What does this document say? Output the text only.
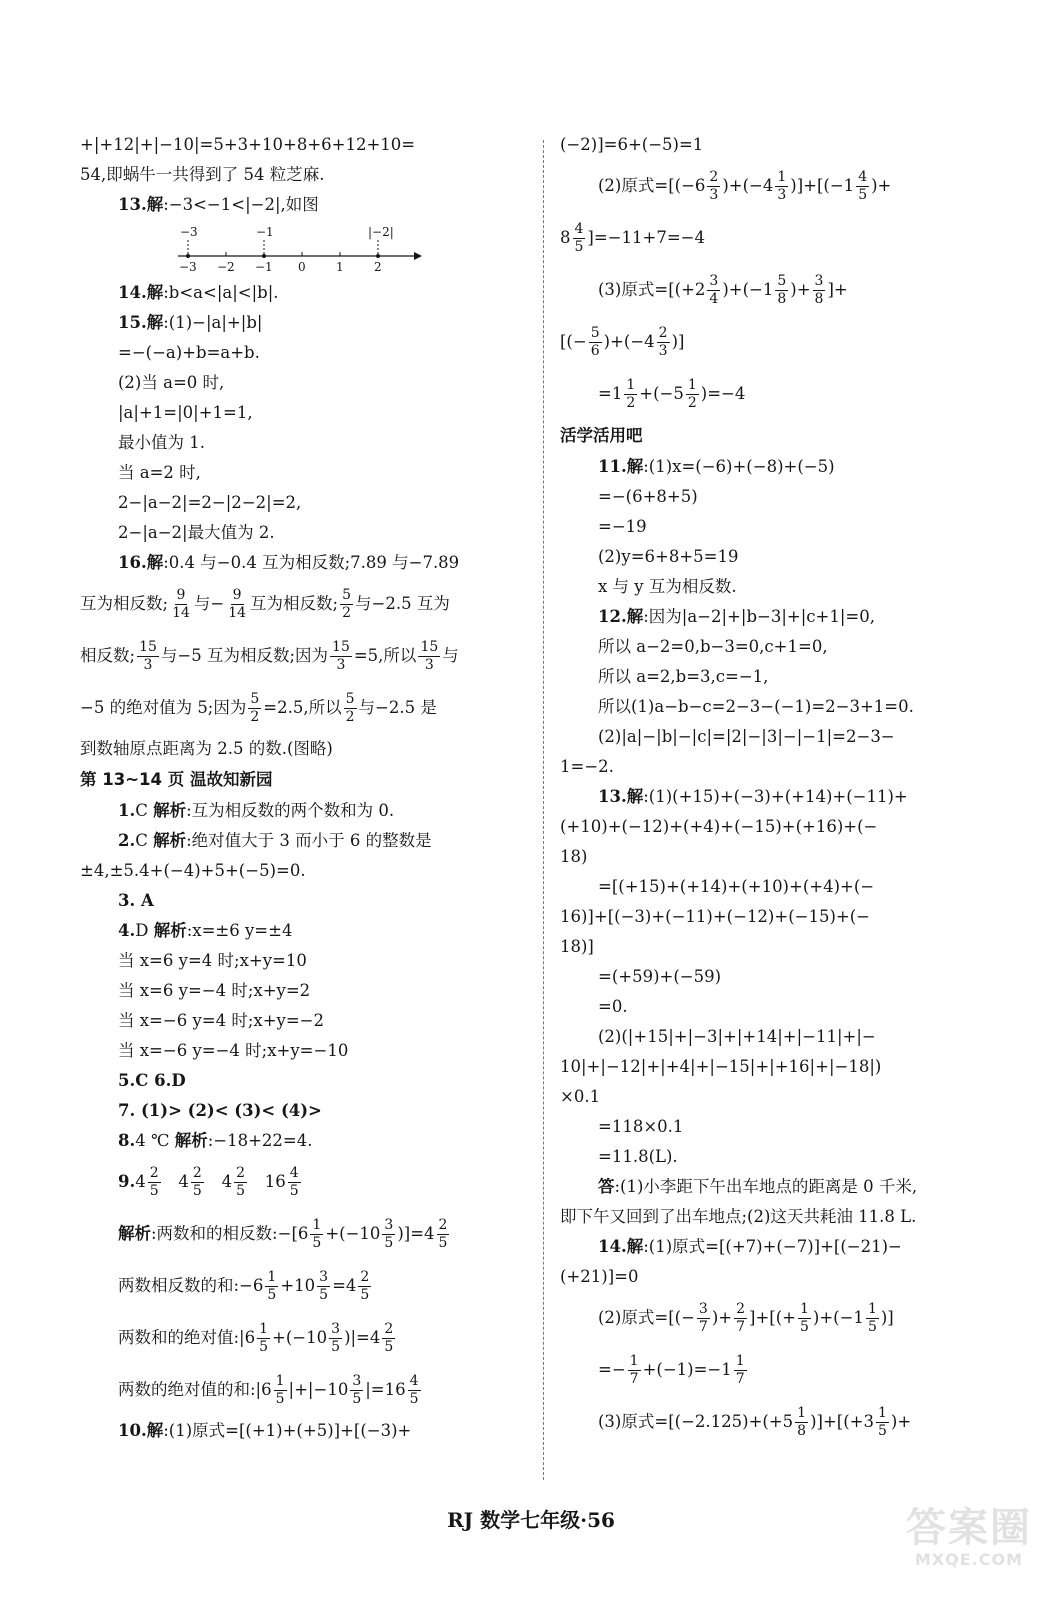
+|+12|+|−10|=5+3+10+8+6+12+10=
54,即蜗牛一共得到了 54 粒芝麻.
13.解:−3<−1<|−2|,如图
−3	−1	|−2|
−3 −2 −1 0	1	2
14.解:b<a<|a|<|b|.
15.解:(1)−|a|+|b|
=−(−a)+b=a+b.
(2)当 a=0 时,
|a|+1=|0|+1=1,
最小值为 1.
当 a=2 时,
2−|a−2|=2−|2−2|=2,
2−|a−2|最大值为 2.
16.解:0.4 与−0.4 互为相反数;7.89 与−7.89
互为相反数; $\frac{9}{14}$ 与− $\frac{9}{14}$ 互为相反数; $\frac{5}{2}$ 与−2.5 互为
相反数; $\frac{15}{3}$ 与−5 互为相反数;因为 $\frac{15}{3} =5$,所以 $\frac{15}{3}$ 与
−5 的绝对值为 5;因为 $\frac{5}{2} =2.5$,所以 $\frac{5}{2}$ 与−2.5 是
到数轴原点距离为 2.5 的数.(图略)
第 13~14 页 温故知新园
1.C 解析:互为相反数的两个数和为 0.
2.C 解析:绝对值大于 3 而小于 6 的整数是
±4,±5.4+(−4)+5+(−5)=0.
3. A
4.D 解析:x=±6 y=±4
当 x=6 y=4 时;x+y=10
当 x=6 y=−4 时;x+y=2
当 x=−6 y=4 时;x+y=−2
当 x=−6 y=−4 时;x+y=−10
5.C 6.D
7. (1)> (2)< (3)< (4)>
8.4 ℃ 解析:−18+22=4.
$9.4 \frac{2}{5} 4 \frac{2}{5} 4 \frac{2}{5} 16 \frac{4}{5}$
解析:两数和的相反数:−[6 $\frac{1}{5} +(-10 \frac{3}{5} )]=4 \frac{2}{5}$
两数相反数的和:−6 $\frac{1}{5} +10 \frac{3}{5} =4 \frac{2}{5}$
两数和的绝对值:|6 $\frac{1}{5} +(-10 \frac{3}{5} )|=4 \frac{2}{5}$
两数的绝对值的和:|6 $\frac{1}{5} |+|-10 \frac{3}{5} |=16 \frac{4}{5}$
10.解:(1)原式=[(+1)+(+5)]+[(−3)+
(−2)]=6+(−5)=1
(2)原式$=[(-6 \frac{2}{3} )+(-4 \frac{1}{3} )]+[(-1 \frac{4}{5}$ )+
$8 \frac{4}{5} ]=-11+7=-4$
(3)原式$=[(+2 \frac{3}{4} )+(-1 \frac{5}{8}$ )+ $\frac{3}{8}$ ]+
[(− $\frac{5}{6} )+(-4 \frac{2}{3}$ )]
$=1 \frac{1}{2} +(-5 \frac{1}{2} )=-4$
活学活用吧
11.解:(1)x=(−6)+(−8)+(−5)
=−(6+8+5)
=−19
(2)y=6+8+5=19
x 与 y 互为相反数.
12.解:因为|a−2|+|b−3|+|c+1|=0,
所以 a−2=0,b−3=0,c+1=0,
所以 a=2,b=3,c=−1,
所以(1)a−b−c=2−3−(−1)=2−3+1=0.
(2)|a|−|b|−|c|=|2|−|3|−|−1|=2−3−
1=−2.
13.解:(1)(+15)+(−3)+(+14)+(−11)+
(+10)+(−12)+(+4)+(−15)+(+16)+(−
18)
=[(+15)+(+14)+(+10)+(+4)+(−
16)]+[(−3)+(−11)+(−12)+(−15)+(−
18)]
=(+59)+(−59)
=0.
(2)(|+15|+|−3|+|+14|+|−11|+|−
10|+|−12|+|+4|+|−15|+|+16|+|−18|)
×0.1
=118×0.1
=11.8(L).
答:(1)小李距下午出车地点的距离是 0 千米,
即下午又回到了出车地点;(2)这天共耗油 11.8 L.
14.解:(1)原式=[(+7)+(−7)]+[(−21)−
(+21)]=0
(2)原式=[(− $\frac{3}{7}$ )+ $\frac{2}{7}$ ]+[(+ $\frac{1}{5} )+(-1 \frac{1}{5}$ )]
=− $\frac{1}{7} +(-1)=-1 \frac{1}{7}$
(3)原式$=[(-2.125)+(+5 \frac{1}{8} )]+[(+3 \frac{1}{5}$ )+
RJ 数学七年级·56	答案圈
MXQE.COM
